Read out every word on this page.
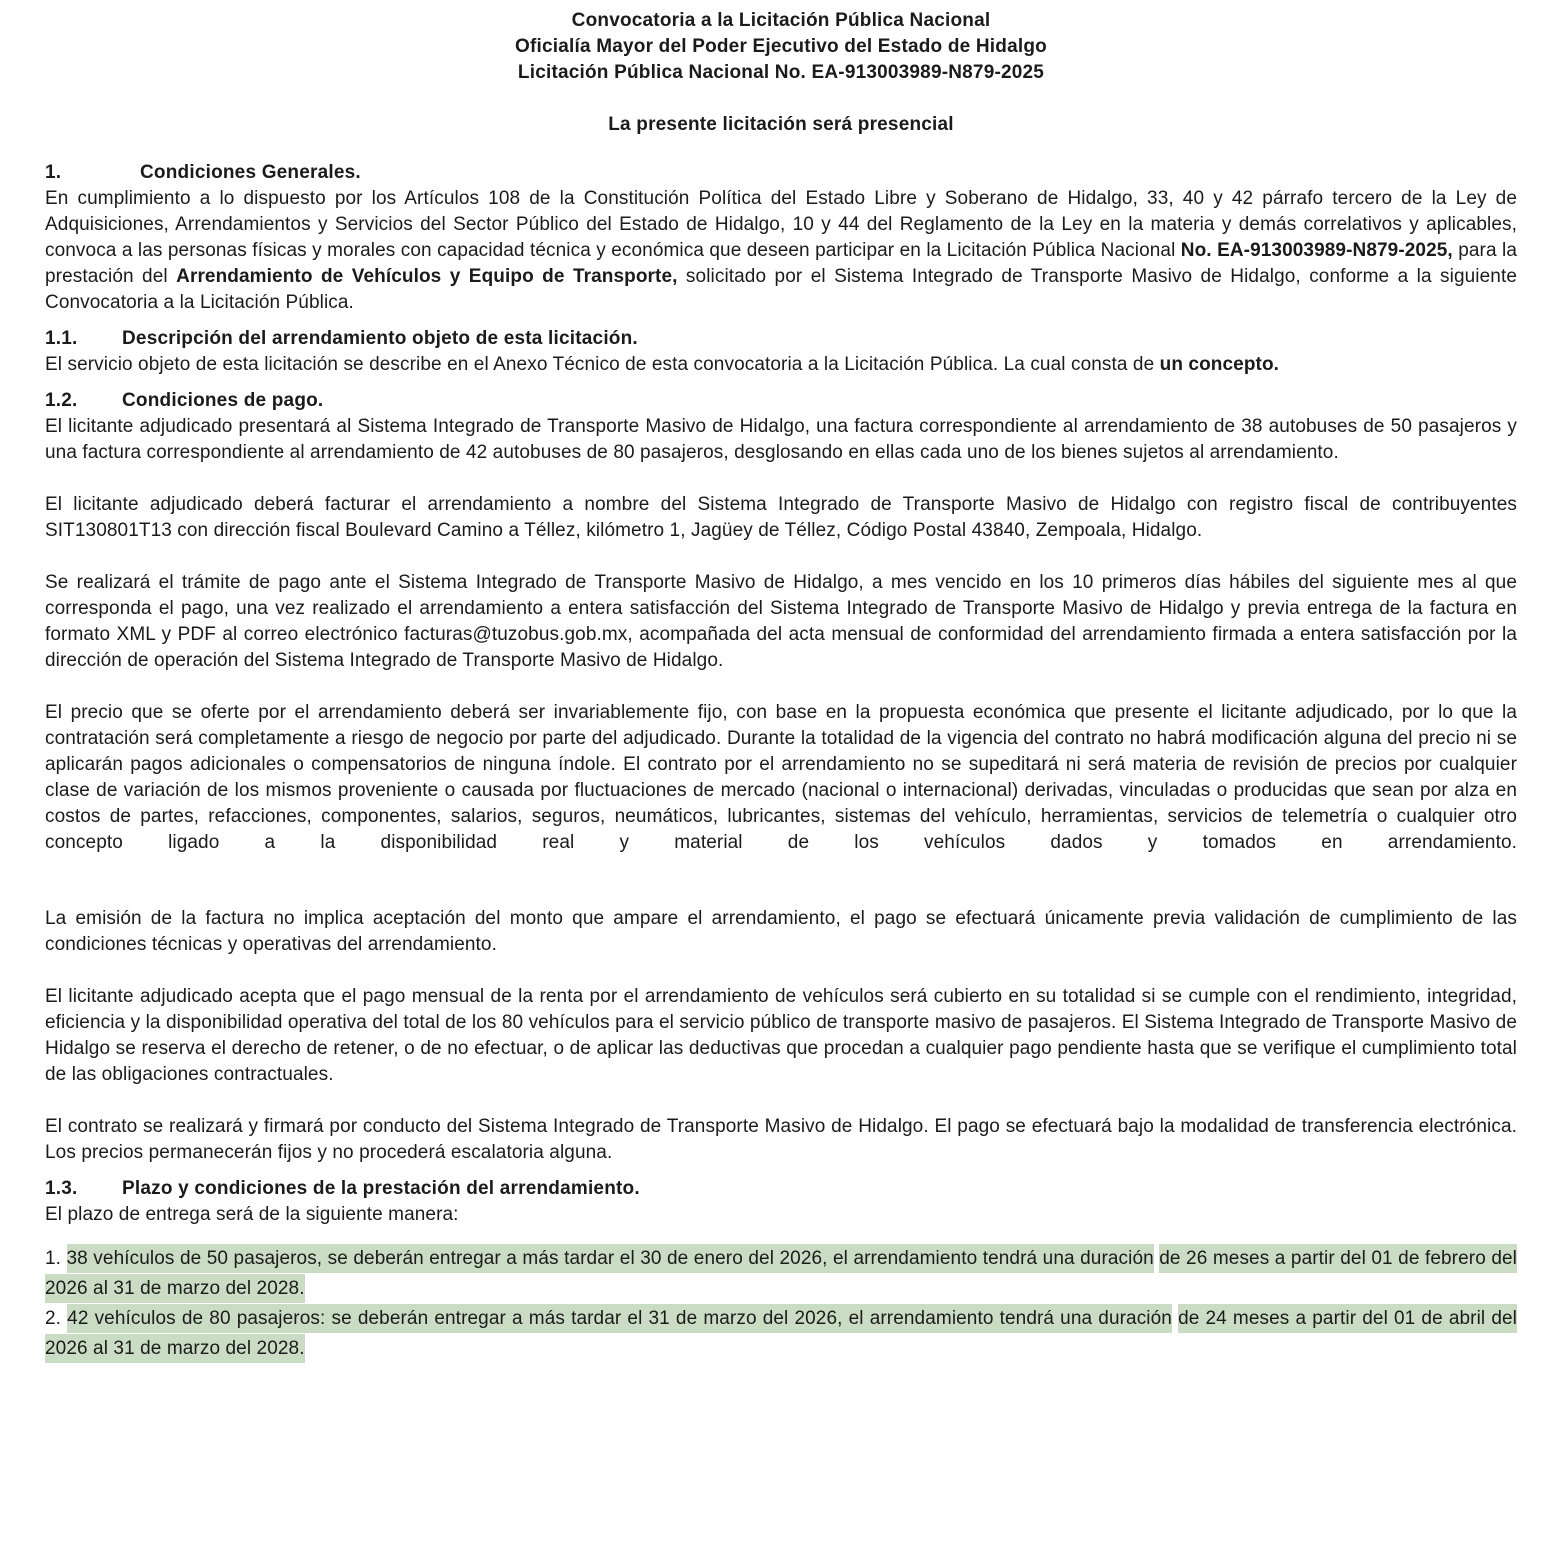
Convocatoria a la Licitación Pública Nacional
Oficialía Mayor del Poder Ejecutivo del Estado de Hidalgo
Licitación Pública Nacional No. EA-913003989-N879-2025
La presente licitación será presencial
1.	Condiciones Generales.

En cumplimiento a lo dispuesto por los Artículos 108 de la Constitución Política del Estado Libre y Soberano de Hidalgo, 33, 40 y 42 párrafo tercero de la Ley de Adquisiciones, Arrendamientos y Servicios del Sector Público del Estado de Hidalgo, 10 y 44 del Reglamento de la Ley en la materia y demás correlativos y aplicables, convoca a las personas físicas y morales con capacidad técnica y económica que deseen participar en la Licitación Pública Nacional No. EA-913003989-N879-2025, para la prestación del Arrendamiento de Vehículos y Equipo de Transporte, solicitado por el Sistema Integrado de Transporte Masivo de Hidalgo, conforme a la siguiente Convocatoria a la Licitación Pública.

1.1.	Descripción del arrendamiento objeto de esta licitación.

El servicio objeto de esta licitación se describe en el Anexo Técnico de esta convocatoria a la Licitación Pública. La cual consta de un concepto.

1.2.	Condiciones de pago.

El licitante adjudicado presentará al Sistema Integrado de Transporte Masivo de Hidalgo, una factura correspondiente al arrendamiento de 38 autobuses de 50 pasajeros y una factura correspondiente al arrendamiento de 42 autobuses de 80 pasajeros, desglosando en ellas cada uno de los bienes sujetos al arrendamiento.

El licitante adjudicado deberá facturar el arrendamiento a nombre del Sistema Integrado de Transporte Masivo de Hidalgo con registro fiscal de contribuyentes SIT130801T13 con dirección fiscal Boulevard Camino a Téllez, kilómetro 1, Jagüey de Téllez, Código Postal 43840, Zempoala, Hidalgo.

Se realizará el trámite de pago ante el Sistema Integrado de Transporte Masivo de Hidalgo, a mes vencido en los 10 primeros días hábiles del siguiente mes al que corresponda el pago, una vez realizado el arrendamiento a entera satisfacción del Sistema Integrado de Transporte Masivo de Hidalgo y previa entrega de la factura en formato XML y PDF al correo electrónico facturas@tuzobus.gob.mx, acompañada del acta mensual de conformidad del arrendamiento firmada a entera satisfacción por la dirección de operación del Sistema Integrado de Transporte Masivo de Hidalgo.

El precio que se oferte por el arrendamiento deberá ser invariablemente fijo, con base en la propuesta económica que presente el licitante adjudicado, por lo que la contratación será completamente a riesgo de negocio por parte del adjudicado. Durante la totalidad de la vigencia del contrato no habrá modificación alguna del precio ni se aplicarán pagos adicionales o compensatorios de ninguna índole. El contrato por el arrendamiento no se supeditará ni será materia de revisión de precios por cualquier clase de variación de los mismos proveniente o causada por fluctuaciones de mercado (nacional o internacional) derivadas, vinculadas o producidas que sean por alza en costos de partes, refacciones, componentes, salarios, seguros, neumáticos, lubricantes, sistemas del vehículo, herramientas, servicios de telemetría o cualquier otro concepto ligado a la disponibilidad real y material de los vehículos dados y tomados en arrendamiento.

La emisión de la factura no implica aceptación del monto que ampare el arrendamiento, el pago se efectuará únicamente previa validación de cumplimiento de las condiciones técnicas y operativas del arrendamiento.

El licitante adjudicado acepta que el pago mensual de la renta por el arrendamiento de vehículos será cubierto en su totalidad si se cumple con el rendimiento, integridad, eficiencia y la disponibilidad operativa del total de los 80 vehículos para el servicio público de transporte masivo de pasajeros. El Sistema Integrado de Transporte Masivo de Hidalgo se reserva el derecho de retener, o de no efectuar, o de aplicar las deductivas que procedan a cualquier pago pendiente hasta que se verifique el cumplimiento total de las obligaciones contractuales.

El contrato se realizará y firmará por conducto del Sistema Integrado de Transporte Masivo de Hidalgo. El pago se efectuará bajo la modalidad de transferencia electrónica. Los precios permanecerán fijos y no procederá escalatoria alguna.

1.3.	Plazo y condiciones de la prestación del arrendamiento.

El plazo de entrega será de la siguiente manera:

1. 38 vehículos de 50 pasajeros, se deberán entregar a más tardar el 30 de enero del 2026, el arrendamiento tendrá una duración de 26 meses a partir del 01 de febrero del 2026 al 31 de marzo del 2028.
2. 42 vehículos de 80 pasajeros: se deberán entregar a más tardar el 31 de marzo del 2026, el arrendamiento tendrá una duración de 24 meses a partir del 01 de abril del 2026 al 31 de marzo del 2028.
